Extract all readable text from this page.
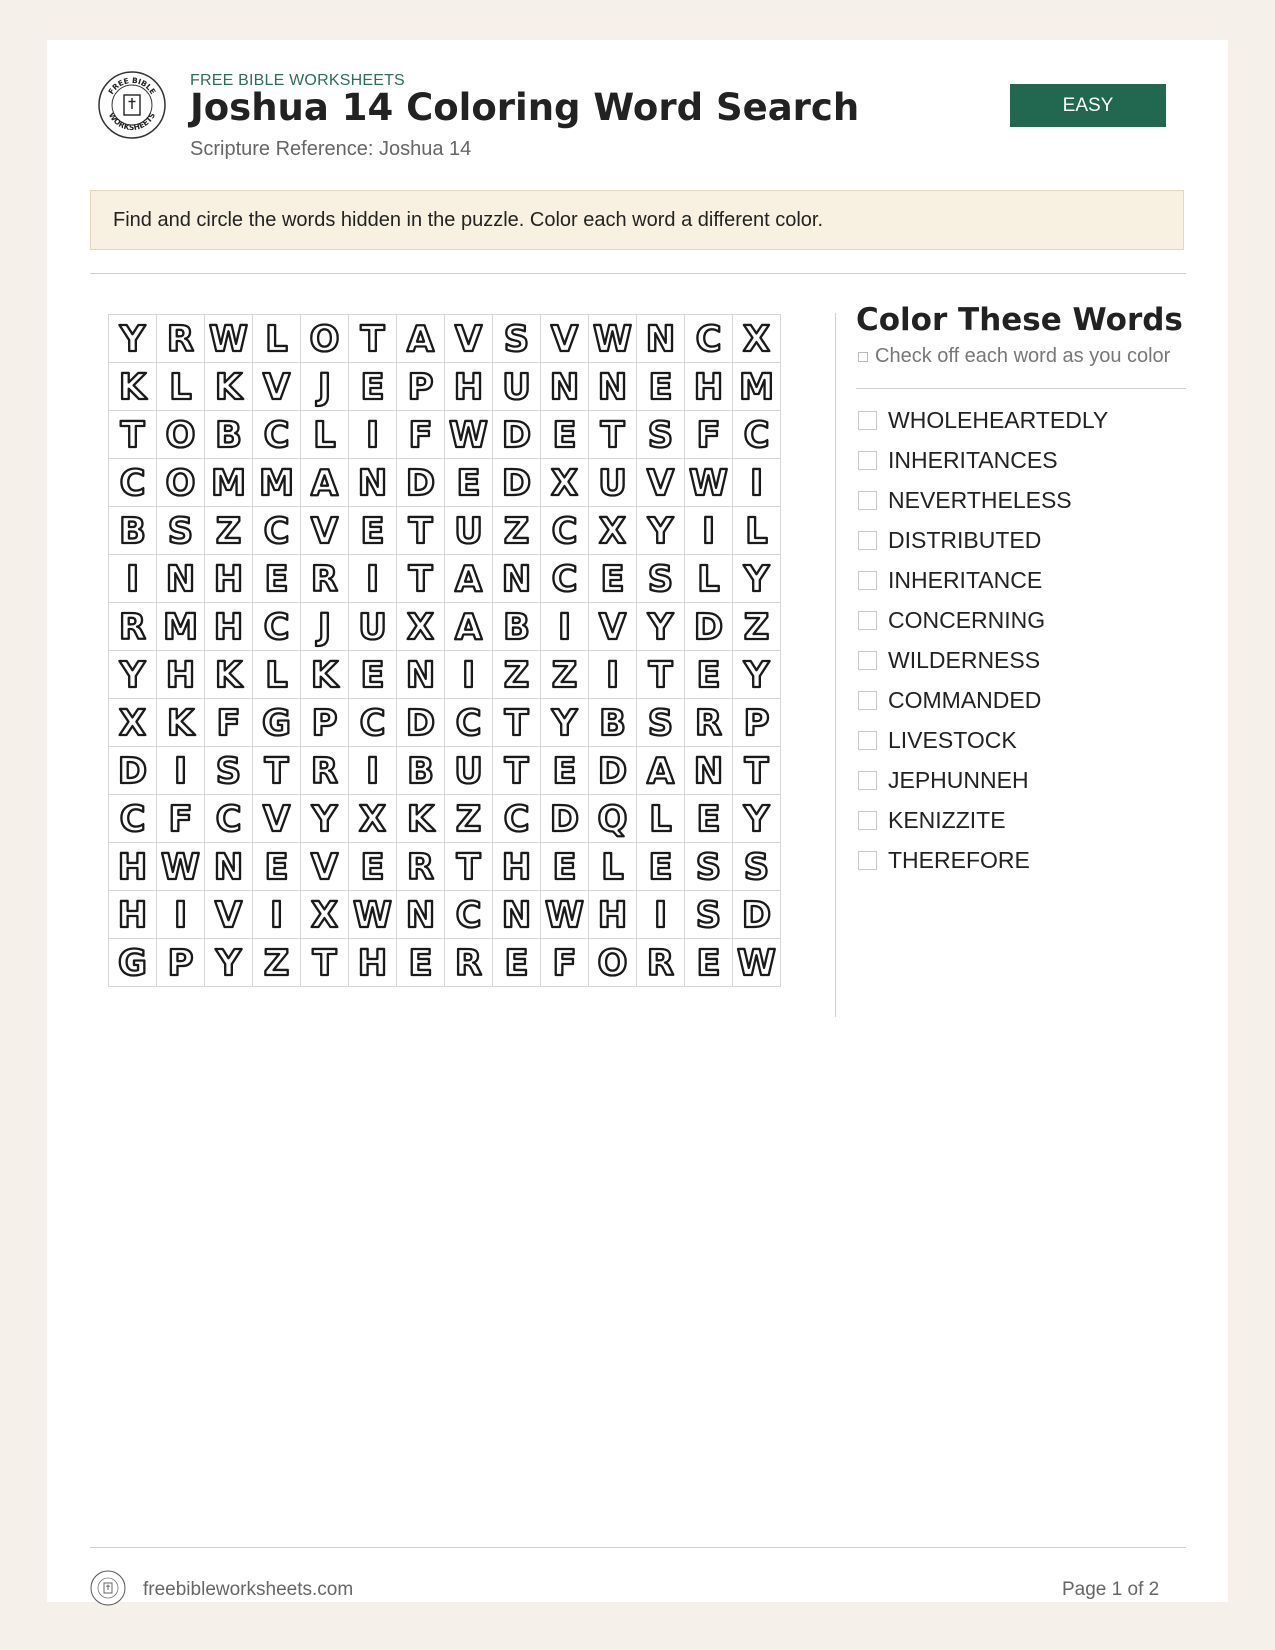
FREE BIBLE
WORKSHEETS
FREE BIBLE WORKSHEETS
Joshua 14 Coloring Word Search
Scripture Reference: Joshua 14
EASY
Find and circle the words hidden in the puzzle. Color each word a different color.
Y	R	W	L	O	T	A	V	S	V	W	N	C	X

K	L	K	V	J	E	P	H	U	N	N	E	H	M

T	O	B	C	L	I	F	W	D	E	T	S	F	C

C	O	M	M	A	N	D	E	D	X	U	V	W	I

B	S	Z	C	V	E	T	U	Z	C	X	Y	I	L

I	N	H	E	R	I	T	A	N	C	E	S	L	Y

R	M	H	C	J	U	X	A	B	I	V	Y	D	Z

Y	H	K	L	K	E	N	I	Z	Z	I	T	E	Y

X	K	F	G	P	C	D	C	T	Y	B	S	R	P

D	I	S	T	R	I	B	U	T	E	D	A	N	T

C	F	C	V	Y	X	K	Z	C	D	Q	L	E	Y

H	W	N	E	V	E	R	T	H	E	L	E	S	S

H	I	V	I	X	W	N	C	N	W	H	I	S	D

G	P	Y	Z	T	H	E	R	E	F	O	R	E	W
Color These Words
Check off each word as you color
WHOLEHEARTEDLY
INHERITANCES
NEVERTHELESS
DISTRIBUTED
INHERITANCE
CONCERNING
WILDERNESS
COMMANDED
LIVESTOCK
JEPHUNNEH
KENIZZITE
THEREFORE
freebibleworksheets.com	Page 1 of 2
